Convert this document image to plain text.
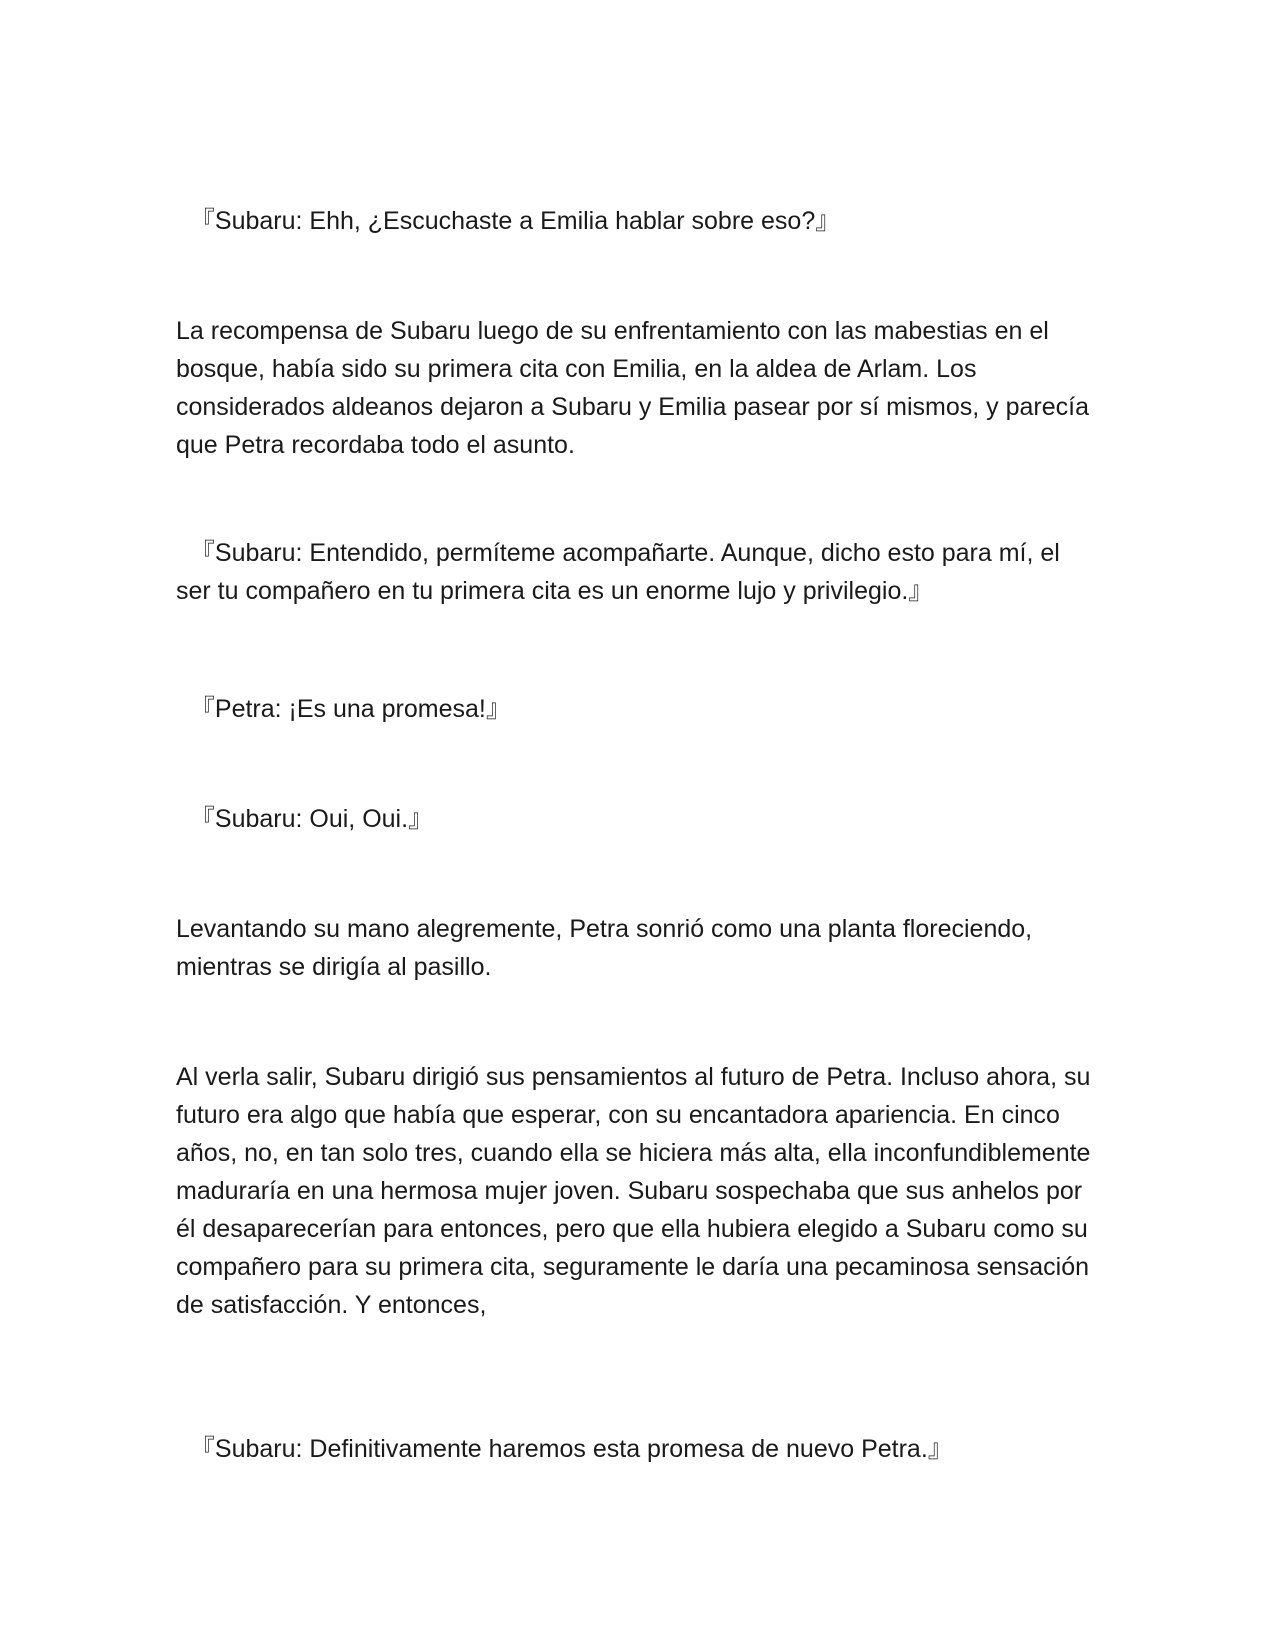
『Subaru: Ehh, ¿Escuchaste a Emilia hablar sobre eso?』

La recompensa de Subaru luego de su enfrentamiento con las mabestias en el bosque, había sido su primera cita con Emilia, en la aldea de Arlam. Los considerados aldeanos dejaron a Subaru y Emilia pasear por sí mismos, y parecía que Petra recordaba todo el asunto.

『Subaru: Entendido, permíteme acompañarte. Aunque, dicho esto para mí, el ser tu compañero en tu primera cita es un enorme lujo y privilegio.』

『Petra: ¡Es una promesa!』

『Subaru: Oui, Oui.』

Levantando su mano alegremente, Petra sonrió como una planta floreciendo, mientras se dirigía al pasillo.

Al verla salir, Subaru dirigió sus pensamientos al futuro de Petra. Incluso ahora, su futuro era algo que había que esperar, con su encantadora apariencia. En cinco años, no, en tan solo tres, cuando ella se hiciera más alta, ella inconfundiblemente maduraría en una hermosa mujer joven. Subaru sospechaba que sus anhelos por él desaparecerían para entonces, pero que ella hubiera elegido a Subaru como su compañero para su primera cita, seguramente le daría una pecaminosa sensación de satisfacción. Y entonces,

『Subaru: Definitivamente haremos esta promesa de nuevo Petra.』
